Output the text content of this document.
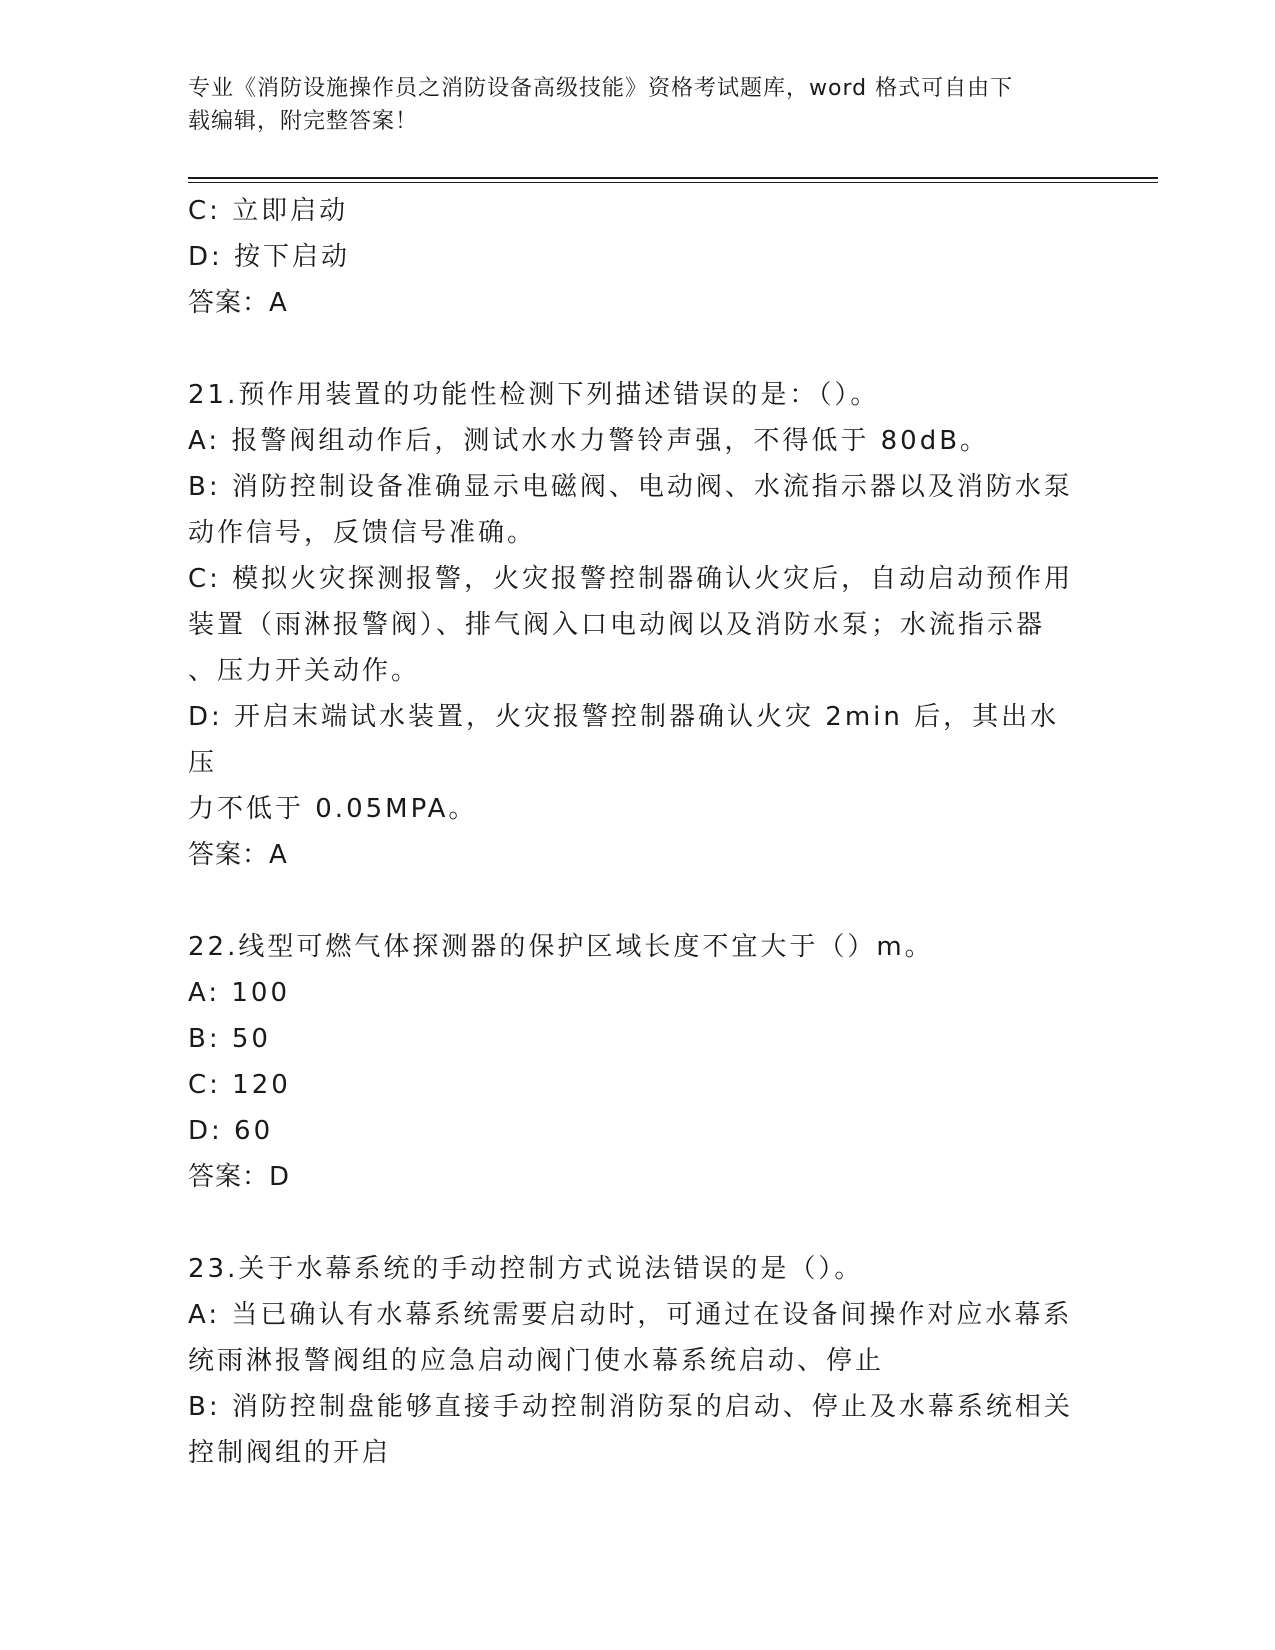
专业《消防设施操作员之消防设备高级技能》资格考试题库，word 格式可自由下
载编辑，附完整答案！
C: 立即启动
D: 按下启动
答案：A
21.预作用装置的功能性检测下列描述错误的是：（）。
A: 报警阀组动作后，测试水水力警铃声强，不得低于 80dB。
B: 消防控制设备准确显示电磁阀、电动阀、水流指示器以及消防水泵
动作信号，反馈信号准确。
C: 模拟火灾探测报警，火灾报警控制器确认火灾后，自动启动预作用
装置（雨淋报警阀）、排气阀入口电动阀以及消防水泵；水流指示器
、压力开关动作。
D: 开启末端试水装置，火灾报警控制器确认火灾 2min 后，其出水压
力不低于 0.05MPA。
答案：A
22.线型可燃气体探测器的保护区域长度不宜大于（）m。
A: 100
B: 50
C: 120
D: 60
答案：D
23.关于水幕系统的手动控制方式说法错误的是（）。
A: 当已确认有水幕系统需要启动时，可通过在设备间操作对应水幕系
统雨淋报警阀组的应急启动阀门使水幕系统启动、停止
B: 消防控制盘能够直接手动控制消防泵的启动、停止及水幕系统相关
控制阀组的开启
